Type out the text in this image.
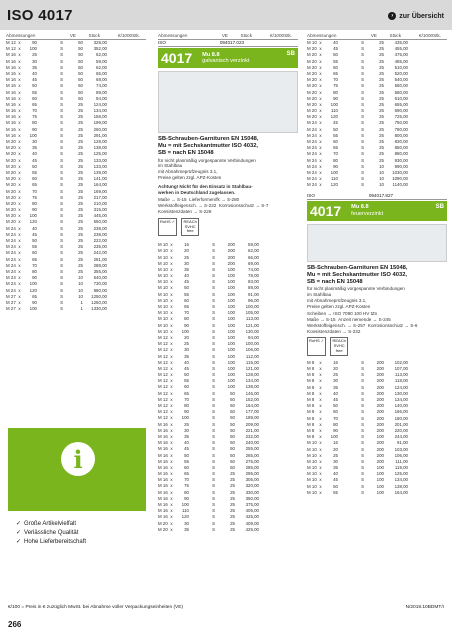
ISO 4017	› zur Übersicht
Abmessungen	VE	Stück	€/1000Stk.
M 12 x	90	S	50	328,00
M 12 x	100	S	50	352,00
M 16 x	25	S	50	62,00
M 16 x	30	S	50	59,00
M 16 x	35	S	50	62,00
M 16 x	40	S	50	65,00
M 16 x	45	S	50	68,00
M 16 x	50	S	50	74,00
M 16 x	55	S	50	89,00
M 16 x	60	S	50	94,00
M 16 x	65	S	25	124,00
M 16 x	70	S	25	134,00
M 16 x	75	S	25	158,00
M 16 x	80	S	25	199,00
M 16 x	90	S	25	260,00
M 16 x	100	S	25	291,00
M 20 x	30	S	25	128,00
M 20 x	35	S	25	138,00
M 20 x	40	S	25	125,00
M 20 x	45	S	25	133,00
M 20 x	50	S	25	133,00
M 20 x	55	S	25	139,00
M 20 x	60	S	25	141,00
M 20 x	65	S	25	164,00
M 20 x	70	S	25	169,00
M 20 x	75	S	25	217,00
M 20 x	80	S	25	210,00
M 20 x	90	S	25	315,00
M 20 x	100	S	25	445,00
M 20 x	120	S	25	550,00
M 24 x	40	S	25	238,00
M 24 x	45	S	25	238,00
M 24 x	50	S	25	222,00
M 24 x	55	S	25	235,00
M 24 x	60	S	25	242,00
M 24 x	65	S	25	281,00
M 24 x	70	S	25	288,00
M 24 x	80	S	25	355,00
M 24 x	90	S	10	540,00
M 24 x	100	S	10	730,00
M 24 x	120	S	10	880,00
M 27 x	65	S	10	1250,00
M 27 x	90	S	1	1250,00
M 27 x	100	S	1	1330,00
i
✓ Große Artikelvielfalt
✓ Verlässliche Qualität
✓ Hohe Lieferbereitschaft
Abmessungen	VE	Stück	€/1000Stk.
ISO	094017.023
4017 Mu 8.8
galvanisch verzinkt
SB
SB-Schrauben-Garnituren EN 15048,
Mu = mit Sechskantmutter ISO 4032,
SB = nach EN 15048
für nicht planmäßig vorgespannte Verbindungen
im Stahlbau
mit Abnahmeprüfzeugnis 3.1,
Preise gelten zzgl. APZ-Kosten
Achtung! Nicht für den Einsatz in Stahlbau-
werken in Deutschland zugelassen.
Maße → S-15 Lieferformen/fk → S-280
Werkstoffeigensch. → S-222 Korrosionsschutz → S-7
Konsistenzdaten → S-228
RoHS ✓	REACh SVHC free
M 10 x	16	S	200	59,00
M 10 x	20	S	200	62,00
M 10 x	25	S	200	66,00
M 10 x	30	S	200	69,00
M 10 x	35	S	100	74,00
M 10 x	40	S	100	78,00
M 10 x	45	S	100	83,00
M 10 x	50	S	100	88,00
M 10 x	55	S	100	91,00
M 10 x	60	S	100	96,00
M 10 x	65	S	100	100,00
M 10 x	70	S	100	105,00
M 10 x	80	S	100	113,00
M 10 x	90	S	100	121,00
M 10 x	100	S	100	130,00
M 12 x	20	S	100	94,00
M 12 x	25	S	100	100,00
M 12 x	30	S	100	106,00
M 12 x	35	S	100	112,00
M 12 x	40	S	100	115,00
M 12 x	45	S	100	121,00
M 12 x	50	S	100	128,00
M 12 x	55	S	100	134,00
M 12 x	60	S	100	138,00
M 12 x	65	S	50	146,00
M 12 x	70	S	50	152,00
M 12 x	80	S	50	164,00
M 12 x	90	S	50	177,00
M 12 x	100	S	50	189,00
M 16 x	25	S	50	209,00
M 16 x	30	S	50	221,00
M 16 x	35	S	50	232,00
M 16 x	40	S	50	240,00
M 16 x	45	S	50	255,00
M 16 x	50	S	50	265,00
M 16 x	55	S	50	275,00
M 16 x	60	S	50	285,00
M 16 x	65	S	25	295,00
M 16 x	70	S	25	305,00
M 16 x	75	S	25	320,00
M 16 x	80	S	25	330,00
M 16 x	90	S	25	350,00
M 16 x	100	S	25	375,00
M 16 x	110	S	25	405,00
M 16 x	120	S	25	425,00
M 20 x	30	S	25	409,00
M 20 x	35	S	25	425,00
Abmessungen	VE	Stück	€/1000Stk.
M 10 x	40	S	25	435,00
M 20 x	45	S	25	455,00
M 20 x	50	S	25	475,00
M 20 x	55	S	25	485,00
M 20 x	60	S	25	510,00
M 20 x	65	S	25	520,00
M 20 x	70	S	25	540,00
M 20 x	75	S	25	560,00
M 20 x	80	S	25	580,00
M 20 x	90	S	25	610,00
M 20 x	100	S	25	655,00
M 20 x	110	S	25	690,00
M 20 x	120	S	25	725,00
M 24 x	45	S	25	750,00
M 24 x	50	S	25	780,00
M 24 x	55	S	25	800,00
M 24 x	60	S	25	830,00
M 24 x	65	S	25	850,00
M 24 x	70	S	25	880,00
M 24 x	80	S	25	930,00
M 24 x	90	S	10	990,00
M 24 x	100	S	10	1030,00
M 24 x	110	S	10	1090,00
M 24 x	120	S	10	1140,00
ISO	094017.827
4017 Mu 8.8
feuerverzinkt
SB
SB-Schrauben-Garnituren EN 15048,
Mu = mit Sechskantmutter ISO 4032,
SB = nach EN 15048
für nicht planmäßig vorgespannte Verbindungen
im Stahlbau
mit Abnahmeprüfzeugnis 3.1,
Preise gelten zzgl. APZ-Kosten
Scheiben → ISO 7090 100 HV tZn
Maße → S-15 Anzeit nemende → S-245
Werkstoffeigensch. → S-257 Korrosionsschutz → S-6
Konsistenzdaten → S-232
RoHS ✓	REACh SVHC free
M 8	x	16	S	200	102,00
M 8	x	20	S	200	107,00
M 8	x	25	S	200	113,00
M 8	x	30	S	200	118,00
M 8	x	35	S	200	124,00
M 8	x	40	S	200	130,00
M 8	x	45	S	200	134,00
M 8	x	50	S	200	140,00
M 8	x	60	S	200	166,00
M 8	x	70	S	200	180,00
M 8	x	80	S	200	201,00
M 8	x	90	S	200	220,00
M 8	x	100	S	100	244,00
M 10 x	16	S	200	91,00
M 10 x	20	S	200	103,00
M 10 x	25	S	200	106,00
M 10 x	30	S	200	111,00
M 10 x	35	S	100	119,00
M 10 x	40	S	100	125,00
M 10 x	45	S	100	134,00
M 10 x	50	S	100	138,00
M 10 x	55	S	100	164,00
€/100 = Preis in € zuzüglich MwSt. bei Abnahme voller Verpackungseinheiten (VE)	N/2019.10BDMT/I
266
